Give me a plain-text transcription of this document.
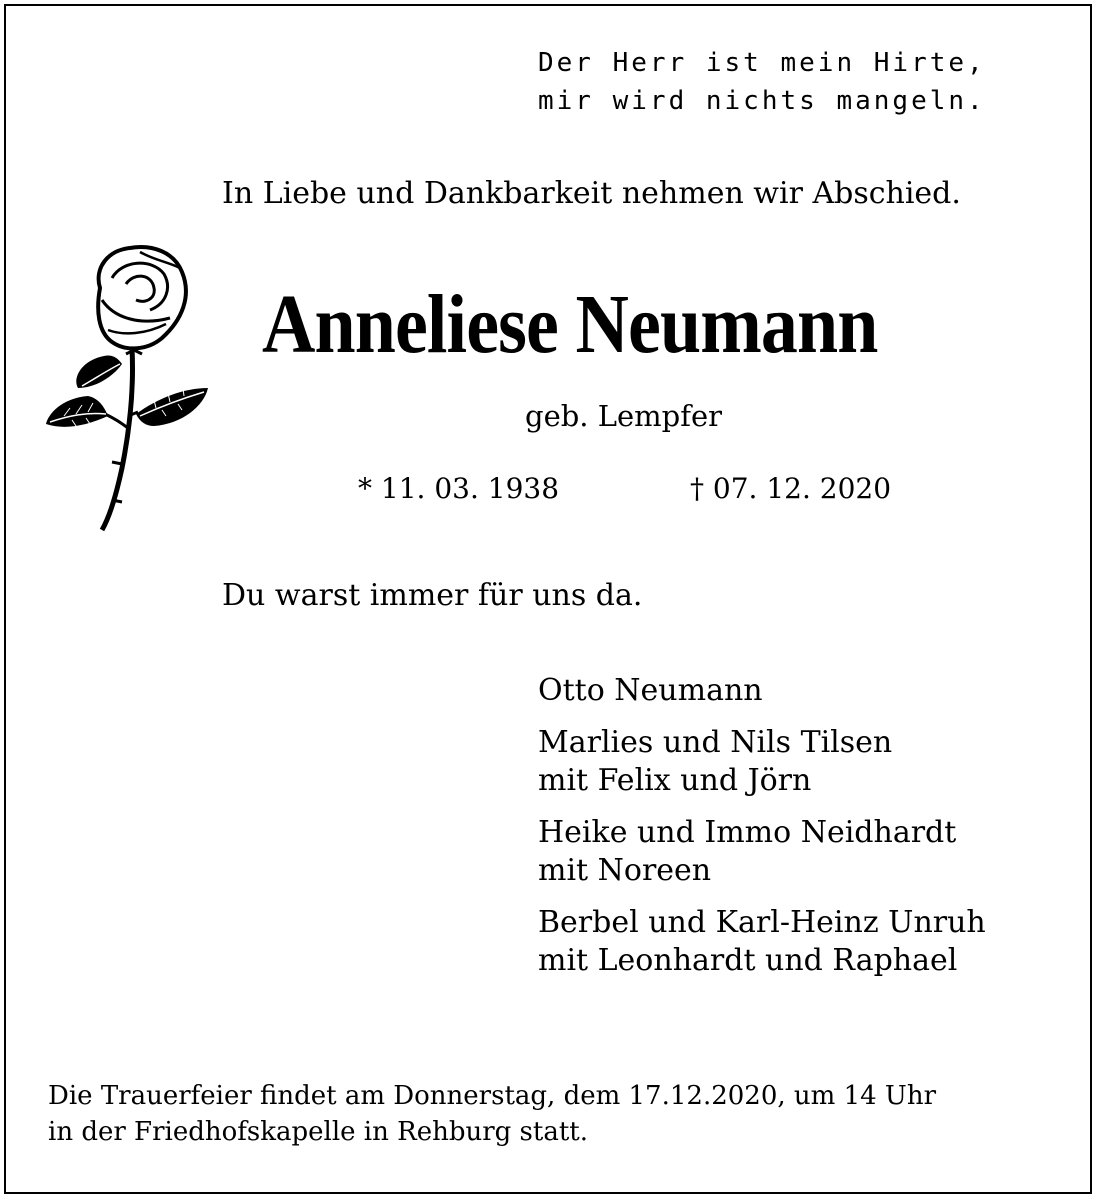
Der Herr ist mein Hirte,
mir wird nichts mangeln.
In Liebe und Dankbarkeit nehmen wir Abschied.
Anneliese Neumann
geb. Lempfer
* 11. 03. 1938	† 07. 12. 2020
Du warst immer für uns da.
Otto Neumann
Marlies und Nils Tilsen
mit Felix und Jörn
Heike und Immo Neidhardt
mit Noreen
Berbel und Karl-Heinz Unruh
mit Leonhardt und Raphael
Die Trauerfeier findet am Donnerstag, dem 17.12.2020, um 14 Uhr
in der Friedhofskapelle in Rehburg statt.
